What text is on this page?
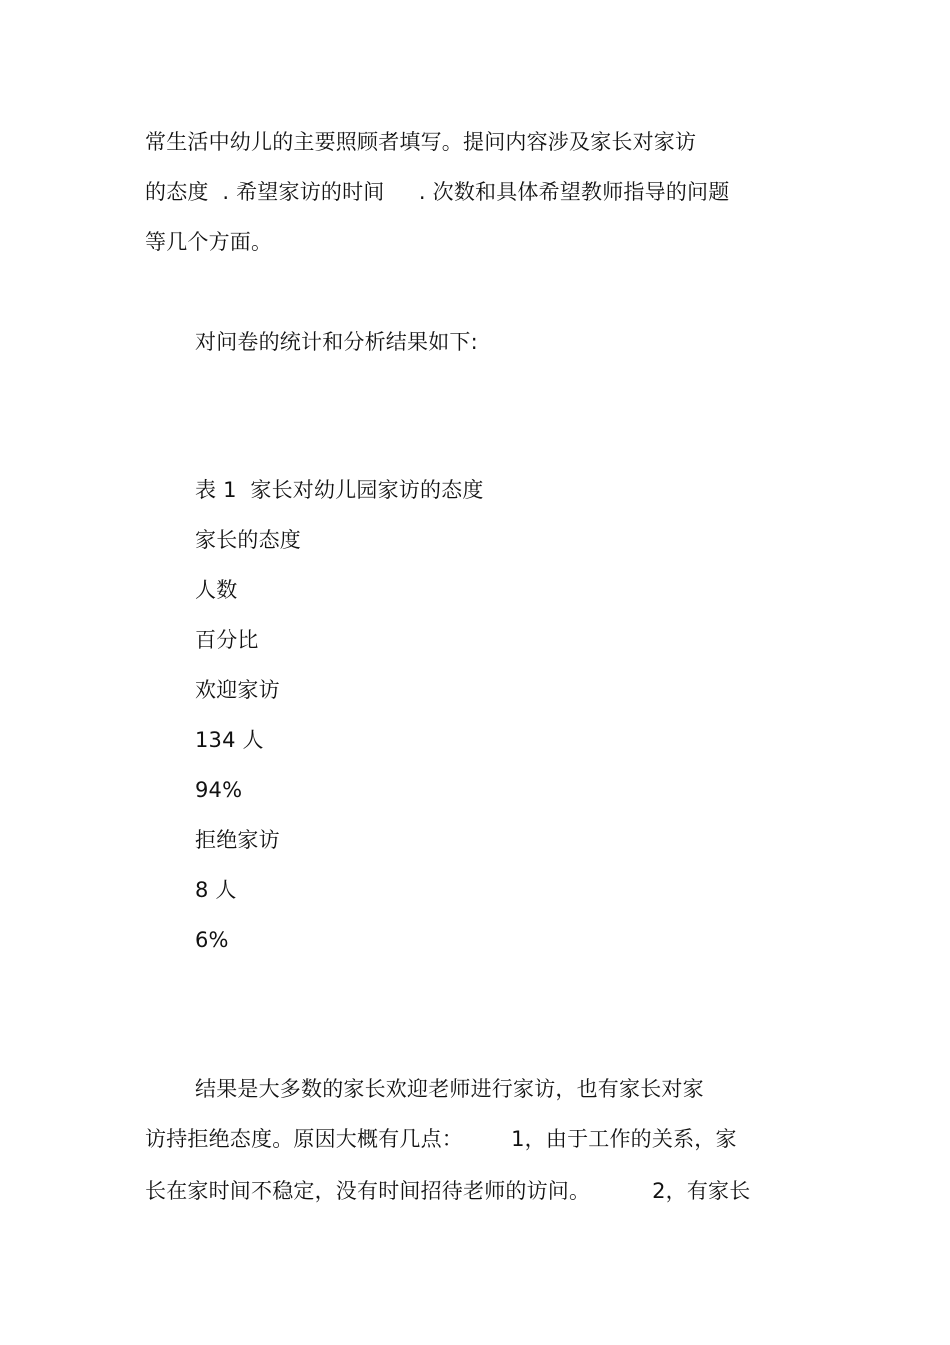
常生活中幼儿的主要照顾者填写。提问内容涉及家长对家访
的态度  . 希望家访的时间     . 次数和具体希望教师指导的问题
等几个方面。
对问卷的统计和分析结果如下:
表 1  家长对幼儿园家访的态度
家长的态度
人数
百分比
欢迎家访
134 人
94%
拒绝家访
8 人
6%
结果是大多数的家长欢迎老师进行家访，也有家长对家
访持拒绝态度。原因大概有几点：       1，由于工作的关系，家
长在家时间不稳定，没有时间招待老师的访问。         2，有家长
